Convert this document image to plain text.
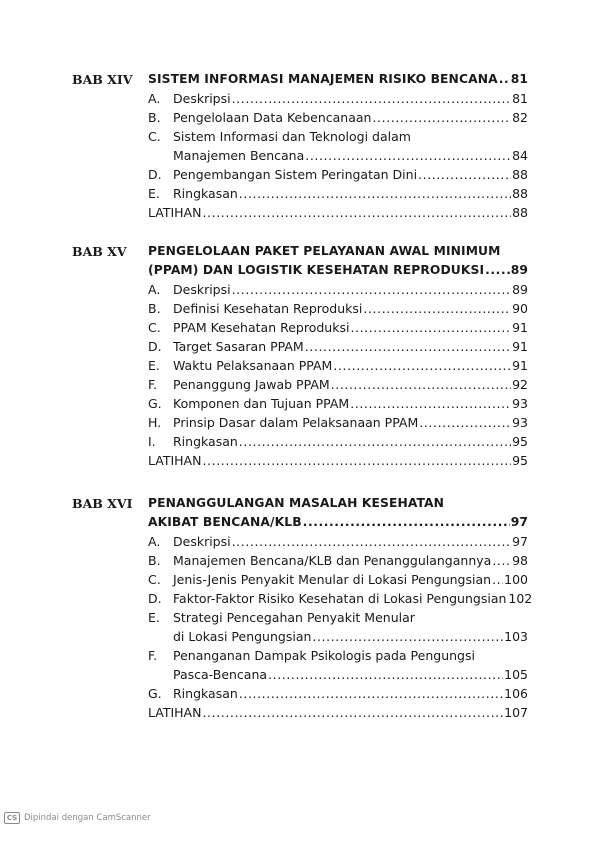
BAB XIV	SISTEM INFORMASI MANAJEMEN RISIKO BENCANA ..... 81
A.	Deskripsi .....	81
B. Pengelolaan Data Kebencanaan .....	82
C. Sistem Informasi dan Teknologi dalam
Manajemen Bencana .....	84
D. Pengembangan Sistem Peringatan Dini .....	88
E.	Ringkasan .....	88
LATIHAN .....	88
BAB XV	PENGELOLAAN PAKET PELAYANAN AWAL MINIMUM
(PPAM) DAN LOGISTIK KESEHATAN REPRODUKSI ..... 89
A.	Deskripsi .....	89
B. Definisi Kesehatan Reproduksi .....	90
C. PPAM Kesehatan Reproduksi .....	91
D. Target Sasaran PPAM .....	91
E.	Waktu Pelaksanaan PPAM .....	91
F.	Penanggung Jawab PPAM .....	92
G. Komponen dan Tujuan PPAM .....	93
H. Prinsip Dasar dalam Pelaksanaan PPAM .....	93
I.	Ringkasan .....	95
LATIHAN .....	95
BAB XVI	PENANGGULANGAN MASALAH KESEHATAN
AKIBAT BENCANA/KLB .....	97
A.	Deskripsi .....	97
B. Manajemen Bencana/KLB dan Penanggulangannya ..... 98
C. Jenis-Jenis Penyakit Menular di Lokasi Pengungsian ..... 100
D. Faktor-Faktor Risiko Kesehatan di Lokasi Pengungsian 102
E.	Strategi Pencegahan Penyakit Menular
di Lokasi Pengungsian .....	103
F.	Penanganan Dampak Psikologis pada Pengungsi
Pasca-Bencana .....	105
G. Ringkasan .....	106
LATIHAN .....	107
CS Dipindai dengan CamScanner
